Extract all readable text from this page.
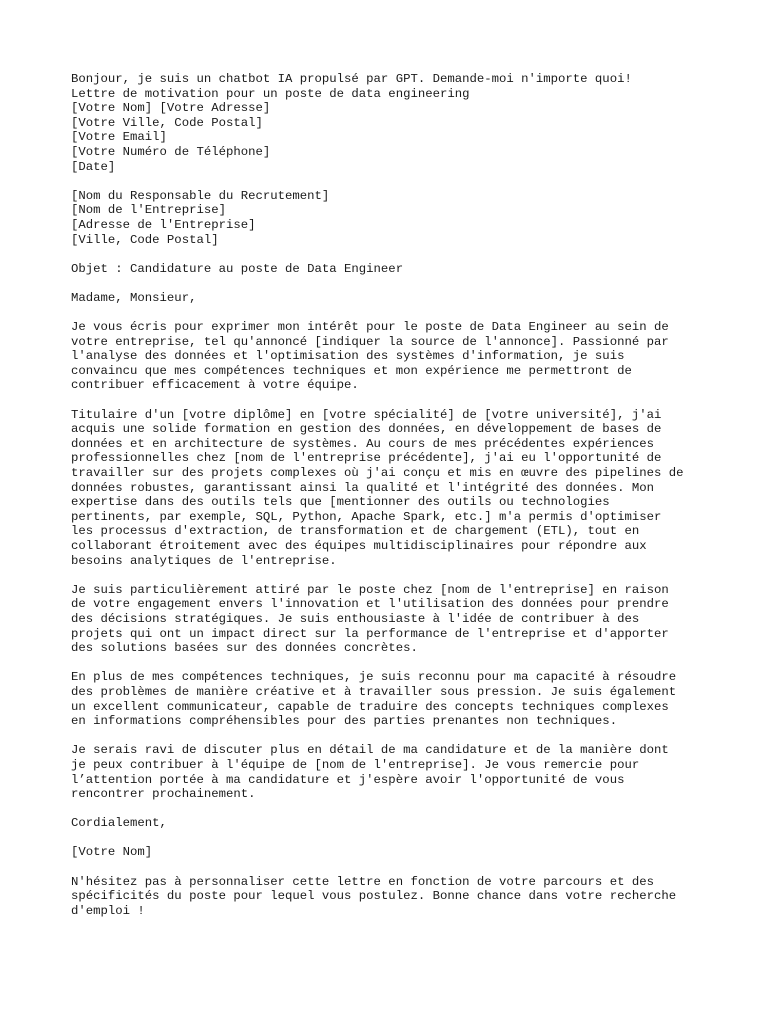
Bonjour, je suis un chatbot IA propulsé par GPT. Demande-moi n'importe quoi!
Lettre de motivation pour un poste de data engineering
[Votre Nom] [Votre Adresse]
[Votre Ville, Code Postal]
[Votre Email]
[Votre Numéro de Téléphone]
[Date]
[Nom du Responsable du Recrutement]
[Nom de l'Entreprise]
[Adresse de l'Entreprise]
[Ville, Code Postal]
Objet : Candidature au poste de Data Engineer
Madame, Monsieur,
Je vous écris pour exprimer mon intérêt pour le poste de Data Engineer au sein de
votre entreprise, tel qu'annoncé [indiquer la source de l'annonce]. Passionné par
l'analyse des données et l'optimisation des systèmes d'information, je suis
convaincu que mes compétences techniques et mon expérience me permettront de
contribuer efficacement à votre équipe.
Titulaire d'un [votre diplôme] en [votre spécialité] de [votre université], j'ai
acquis une solide formation en gestion des données, en développement de bases de
données et en architecture de systèmes. Au cours de mes précédentes expériences
professionnelles chez [nom de l'entreprise précédente], j'ai eu l'opportunité de
travailler sur des projets complexes où j'ai conçu et mis en œuvre des pipelines de
données robustes, garantissant ainsi la qualité et l'intégrité des données. Mon
expertise dans des outils tels que [mentionner des outils ou technologies
pertinents, par exemple, SQL, Python, Apache Spark, etc.] m'a permis d'optimiser
les processus d'extraction, de transformation et de chargement (ETL), tout en
collaborant étroitement avec des équipes multidisciplinaires pour répondre aux
besoins analytiques de l'entreprise.
Je suis particulièrement attiré par le poste chez [nom de l'entreprise] en raison
de votre engagement envers l'innovation et l'utilisation des données pour prendre
des décisions stratégiques. Je suis enthousiaste à l'idée de contribuer à des
projets qui ont un impact direct sur la performance de l'entreprise et d'apporter
des solutions basées sur des données concrètes.
En plus de mes compétences techniques, je suis reconnu pour ma capacité à résoudre
des problèmes de manière créative et à travailler sous pression. Je suis également
un excellent communicateur, capable de traduire des concepts techniques complexes
en informations compréhensibles pour des parties prenantes non techniques.
Je serais ravi de discuter plus en détail de ma candidature et de la manière dont
je peux contribuer à l'équipe de [nom de l'entreprise]. Je vous remercie pour
l’attention portée à ma candidature et j'espère avoir l'opportunité de vous
rencontrer prochainement.
Cordialement,
[Votre Nom]
N'hésitez pas à personnaliser cette lettre en fonction de votre parcours et des
spécificités du poste pour lequel vous postulez. Bonne chance dans votre recherche
d'emploi !
